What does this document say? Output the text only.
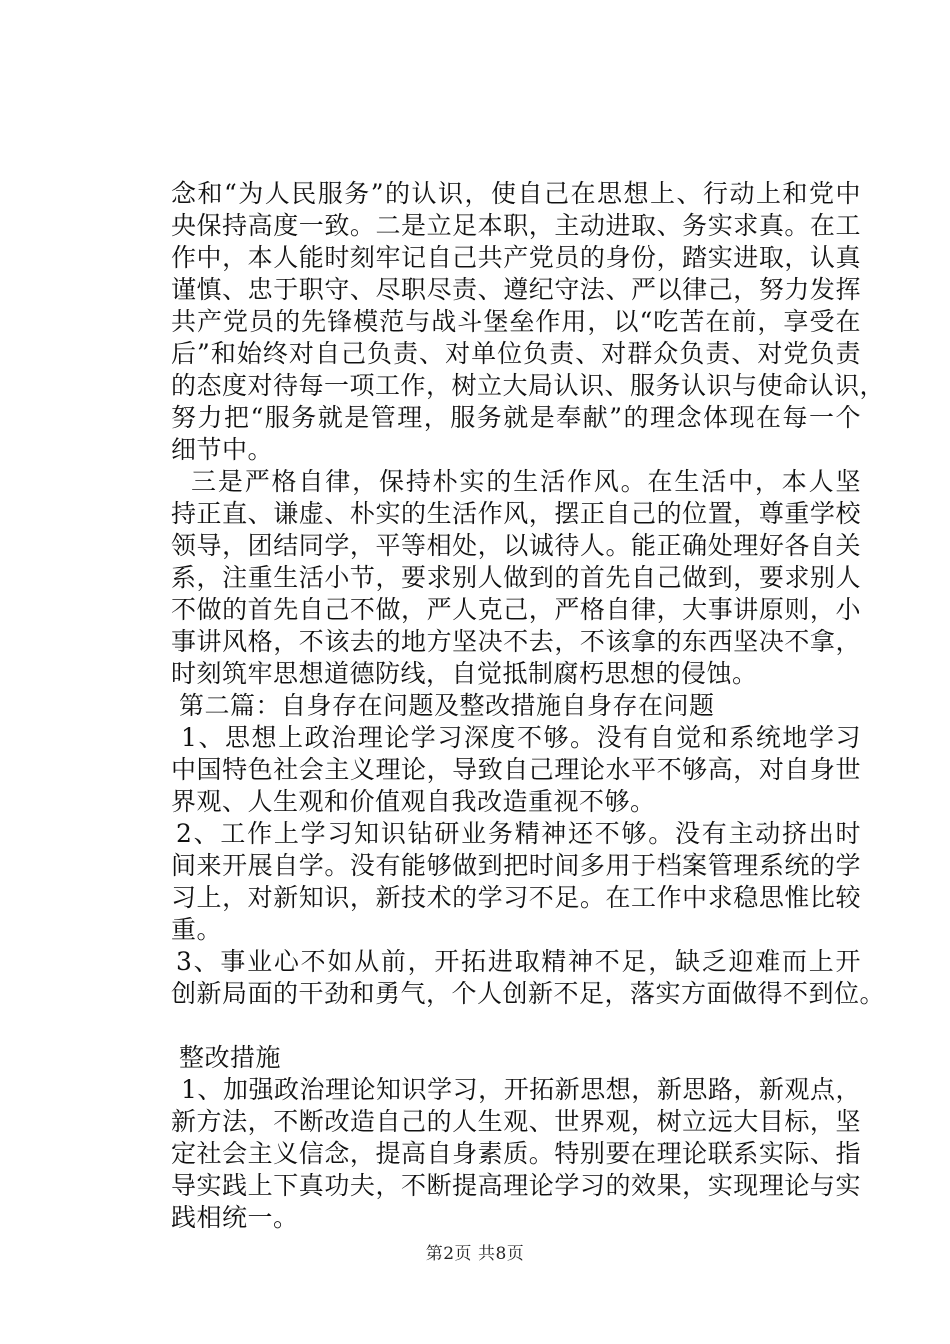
念和“为人民服务”的认识，使自己在思想上、行动上和党中
央保持高度一致。二是立足本职，主动进取、务实求真。在工
作中，本人能时刻牢记自己共产党员的身份，踏实进取，认真
谨慎、忠于职守、尽职尽责、遵纪守法、严以律己，努力发挥
共产党员的先锋模范与战斗堡垒作用，以“吃苦在前，享受在
后”和始终对自己负责、对单位负责、对群众负责、对党负责
的态度对待每一项工作，树立大局认识、服务认识与使命认识，
努力把“服务就是管理，服务就是奉献”的理念体现在每一个
细节中。
三是严格自律，保持朴实的生活作风。在生活中，本人坚
持正直、谦虚、朴实的生活作风，摆正自己的位置，尊重学校
领导，团结同学，平等相处，以诚待人。能正确处理好各自关
系，注重生活小节，要求别人做到的首先自己做到，要求别人
不做的首先自己不做，严人克己，严格自律，大事讲原则，小
事讲风格，不该去的地方坚决不去，不该拿的东西坚决不拿，
时刻筑牢思想道德防线，自觉抵制腐朽思想的侵蚀。
第二篇：自身存在问题及整改措施自身存在问题
1、思想上政治理论学习深度不够。没有自觉和系统地学习
中国特色社会主义理论，导致自己理论水平不够高，对自身世
界观、人生观和价值观自我改造重视不够。
2、工作上学习知识钻研业务精神还不够。没有主动挤出时
间来开展自学。没有能够做到把时间多用于档案管理系统的学
习上，对新知识，新技术的学习不足。在工作中求稳思惟比较
重。
3、事业心不如从前，开拓进取精神不足，缺乏迎难而上开
创新局面的干劲和勇气，个人创新不足，落实方面做得不到位。
整改措施
1、加强政治理论知识学习，开拓新思想，新思路，新观点，
新方法，不断改造自己的人生观、世界观，树立远大目标，坚
定社会主义信念，提高自身素质。特别要在理论联系实际、指
导实践上下真功夫，不断提高理论学习的效果，实现理论与实
践相统一。
第2页 共8页
